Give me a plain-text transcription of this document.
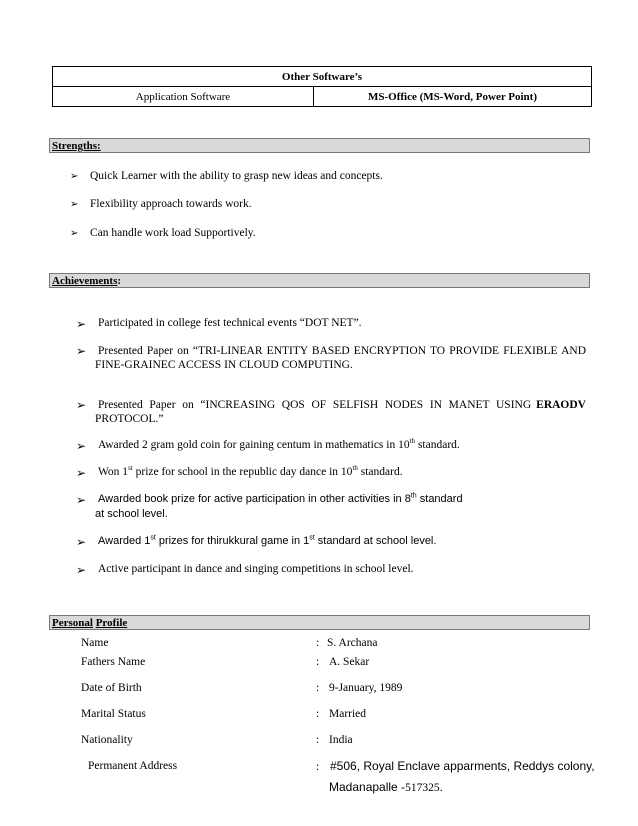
Other Software’s
Application Software	MS-Office (MS-Word, Power Point)
Strengths:
➢ Quick Learner with the ability to grasp new ideas and concepts.
➢ Flexibility approach towards work.
➢ Can handle work load Supportively.
Achievements:
➢ Participated in college fest technical events “DOT NET”.
➢ Presented Paper on “TRI-LINEAR ENTITY BASED ENCRYPTION TO PROVIDE FLEXIBLE AND
FINE-GRAINEC ACCESS IN CLOUD COMPUTING.
➢ Presented Paper on “INCREASING QOS OF SELFISH NODES IN MANET USING ERAODV
PROTOCOL.”
➢ Awarded 2 gram gold coin for gaining centum in mathematics in 10th standard.
➢ Won 1st prize for school in the republic day dance in 10th standard.
➢ Awarded book prize for active participation in other activities in 8th standard
at school level.
➢ Awarded 1st prizes for thirukkural game in 1st standard at school level.
➢ Active participant in dance and singing competitions in school level.
Personal Profile
Name	: S. Archana
Fathers Name	: A. Sekar
Date of Birth	: 9-January, 1989
Marital Status	: Married
Nationality	: India
Permanent Address	: #506, Royal Enclave apparments, Reddys colony,
Madanapalle -517325.
